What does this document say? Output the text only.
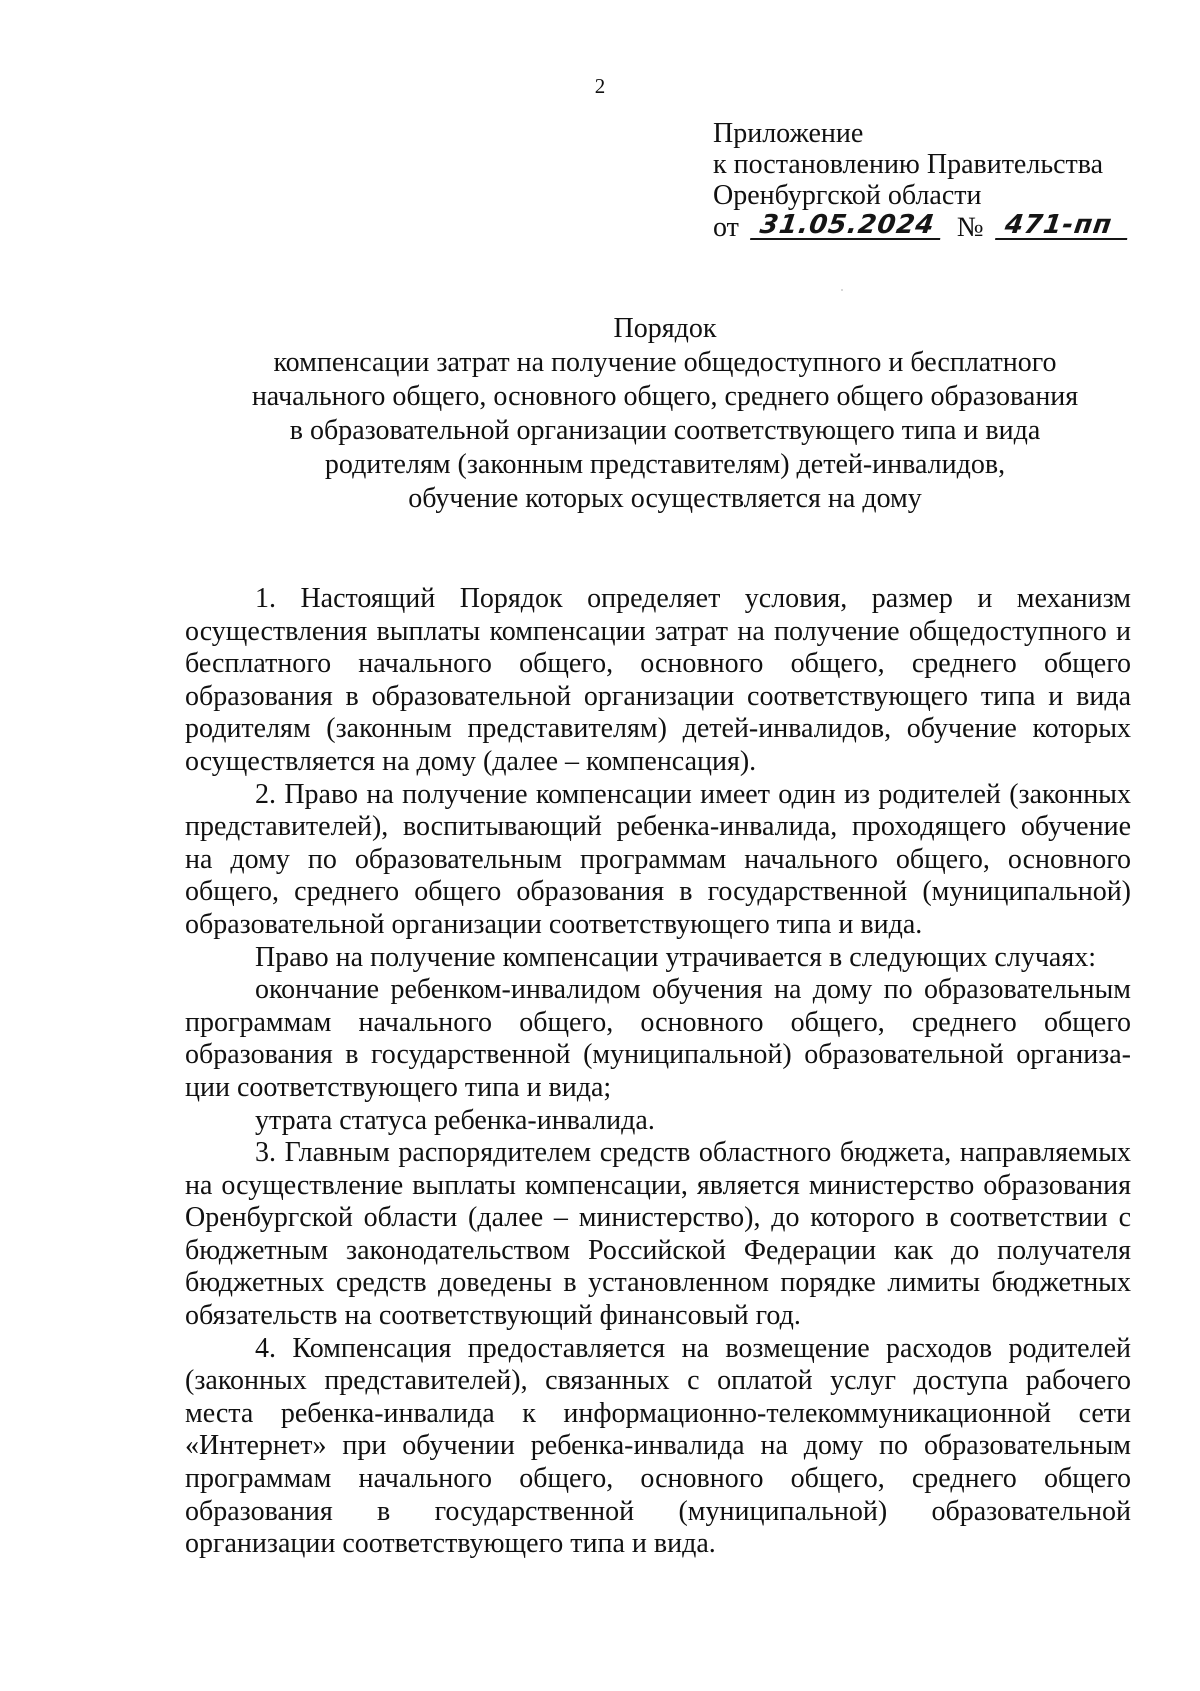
2
Приложение
к постановлению Правительства
Оренбургской области
от 31.05.2024 № 471-пп
Порядок
компенсации затрат на получение общедоступного и бесплатного
начального общего, основного общего, среднего общего образования
в образовательной организации соответствующего типа и вида
родителям (законным представителям) детей-инвалидов,
обучение которых осуществляется на дому

1. Настоящий Порядок определяет условия, размер и механизм осуществления выплаты компенсации затрат на получение общедоступного и бесплатного начального общего, основного общего, среднего общего образования в образовательной организации соответствующего типа и вида родителям (законным представителям) детей-инвалидов, обучение которых осуществляется на дому (далее – компенсация).

2. Право на получение компенсации имеет один из родителей (законных представителей), воспитывающий ребенка-инвалида, проходящего обучение на дому по образовательным программам начального общего, основного общего, среднего общего образования в государственной (муниципальной) образовательной организации соответствующего типа и вида.

Право на получение компенсации утрачивается в следующих случаях:

окончание ребенком-инвалидом обучения на дому по образовательным программам начального общего, основного общего, среднего общего образования в государственной (муниципальной) образовательной организации соответствующего типа и вида;

утрата статуса ребенка-инвалида.

3. Главным распорядителем средств областного бюджета, направляемых на осуществление выплаты компенсации, является министерство образования Оренбургской области (далее – министерство), до которого в соответствии с бюджетным законодательством Российской Федерации как до получателя бюджетных средств доведены в установленном порядке лимиты бюджетных обязательств на соответствующий финансовый год.

4. Компенсация предоставляется на возмещение расходов родителей (законных представителей), связанных с оплатой услуг доступа рабочего места ребенка-инвалида к информационно-телекоммуникационной сети «Интернет» при обучении ребенка-инвалида на дому по образовательным программам начального общего, основного общего, среднего общего образования в государственной (муниципальной) образовательной организации соответствующего типа и вида.
